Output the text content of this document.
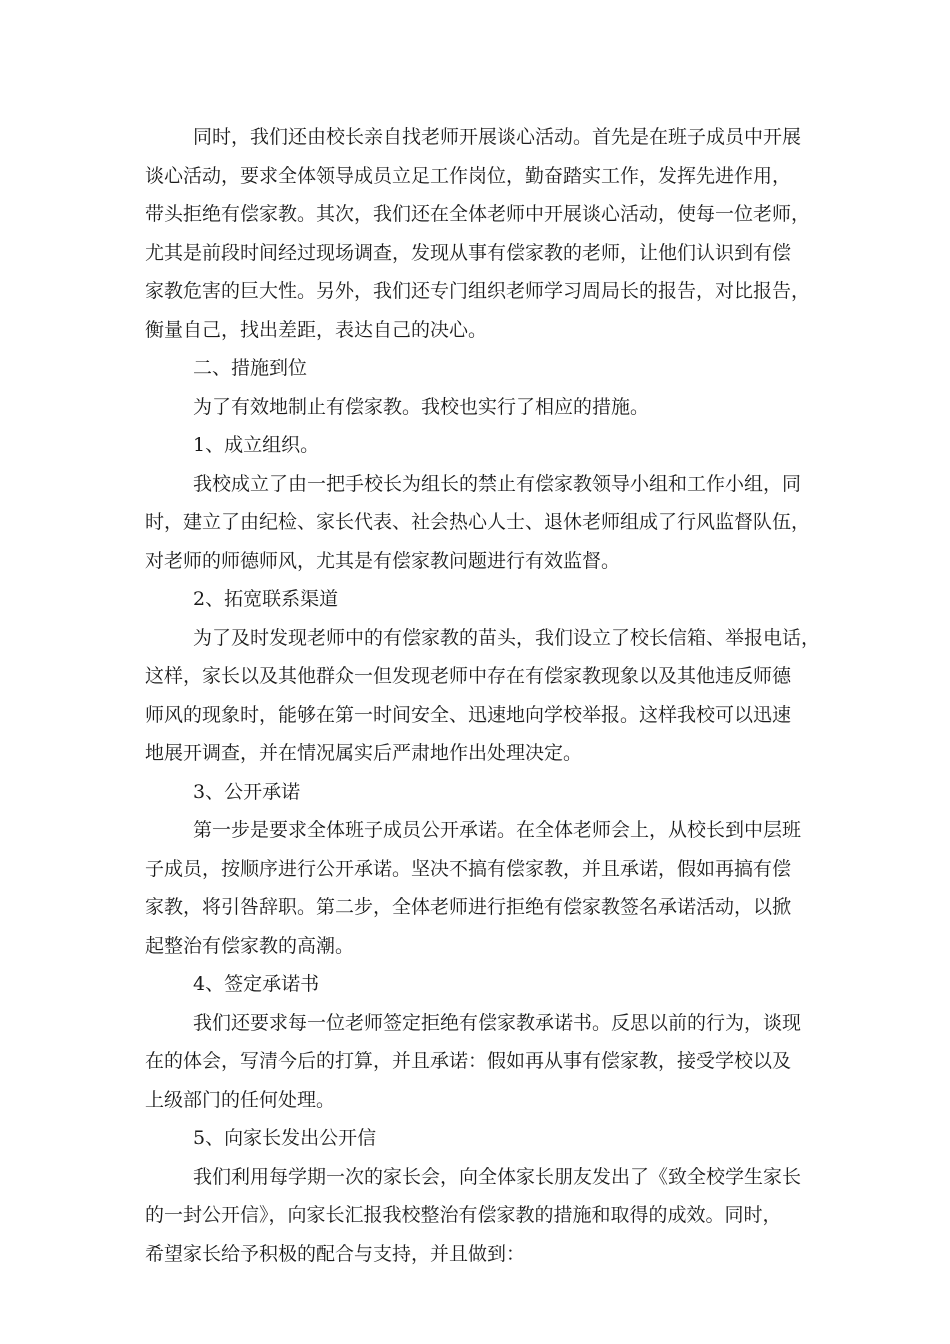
同时，我们还由校长亲自找老师开展谈心活动。首先是在班子成员中开展
谈心活动，要求全体领导成员立足工作岗位，勤奋踏实工作，发挥先进作用，
带头拒绝有偿家教。其次，我们还在全体老师中开展谈心活动，使每一位老师，
尤其是前段时间经过现场调查，发现从事有偿家教的老师，让他们认识到有偿
家教危害的巨大性。另外，我们还专门组织老师学习周局长的报告，对比报告，
衡量自己，找出差距，表达自己的决心。
二、措施到位
为了有效地制止有偿家教。我校也实行了相应的措施。
1、成立组织。
我校成立了由一把手校长为组长的禁止有偿家教领导小组和工作小组，同
时，建立了由纪检、家长代表、社会热心人士、退休老师组成了行风监督队伍，
对老师的师德师风，尤其是有偿家教问题进行有效监督。
2、拓宽联系渠道
为了及时发现老师中的有偿家教的苗头，我们设立了校长信箱、举报电话，
这样，家长以及其他群众一但发现老师中存在有偿家教现象以及其他违反师德
师风的现象时，能够在第一时间安全、迅速地向学校举报。这样我校可以迅速
地展开调查，并在情况属实后严肃地作出处理决定。
3、公开承诺
第一步是要求全体班子成员公开承诺。在全体老师会上，从校长到中层班
子成员，按顺序进行公开承诺。坚决不搞有偿家教，并且承诺，假如再搞有偿
家教，将引咎辞职。第二步，全体老师进行拒绝有偿家教签名承诺活动，以掀
起整治有偿家教的高潮。
4、签定承诺书
我们还要求每一位老师签定拒绝有偿家教承诺书。反思以前的行为，谈现
在的体会，写清今后的打算，并且承诺：假如再从事有偿家教，接受学校以及
上级部门的任何处理。
5、向家长发出公开信
我们利用每学期一次的家长会，向全体家长朋友发出了《致全校学生家长
的一封公开信》，向家长汇报我校整治有偿家教的措施和取得的成效。同时，
希望家长给予积极的配合与支持，并且做到：
